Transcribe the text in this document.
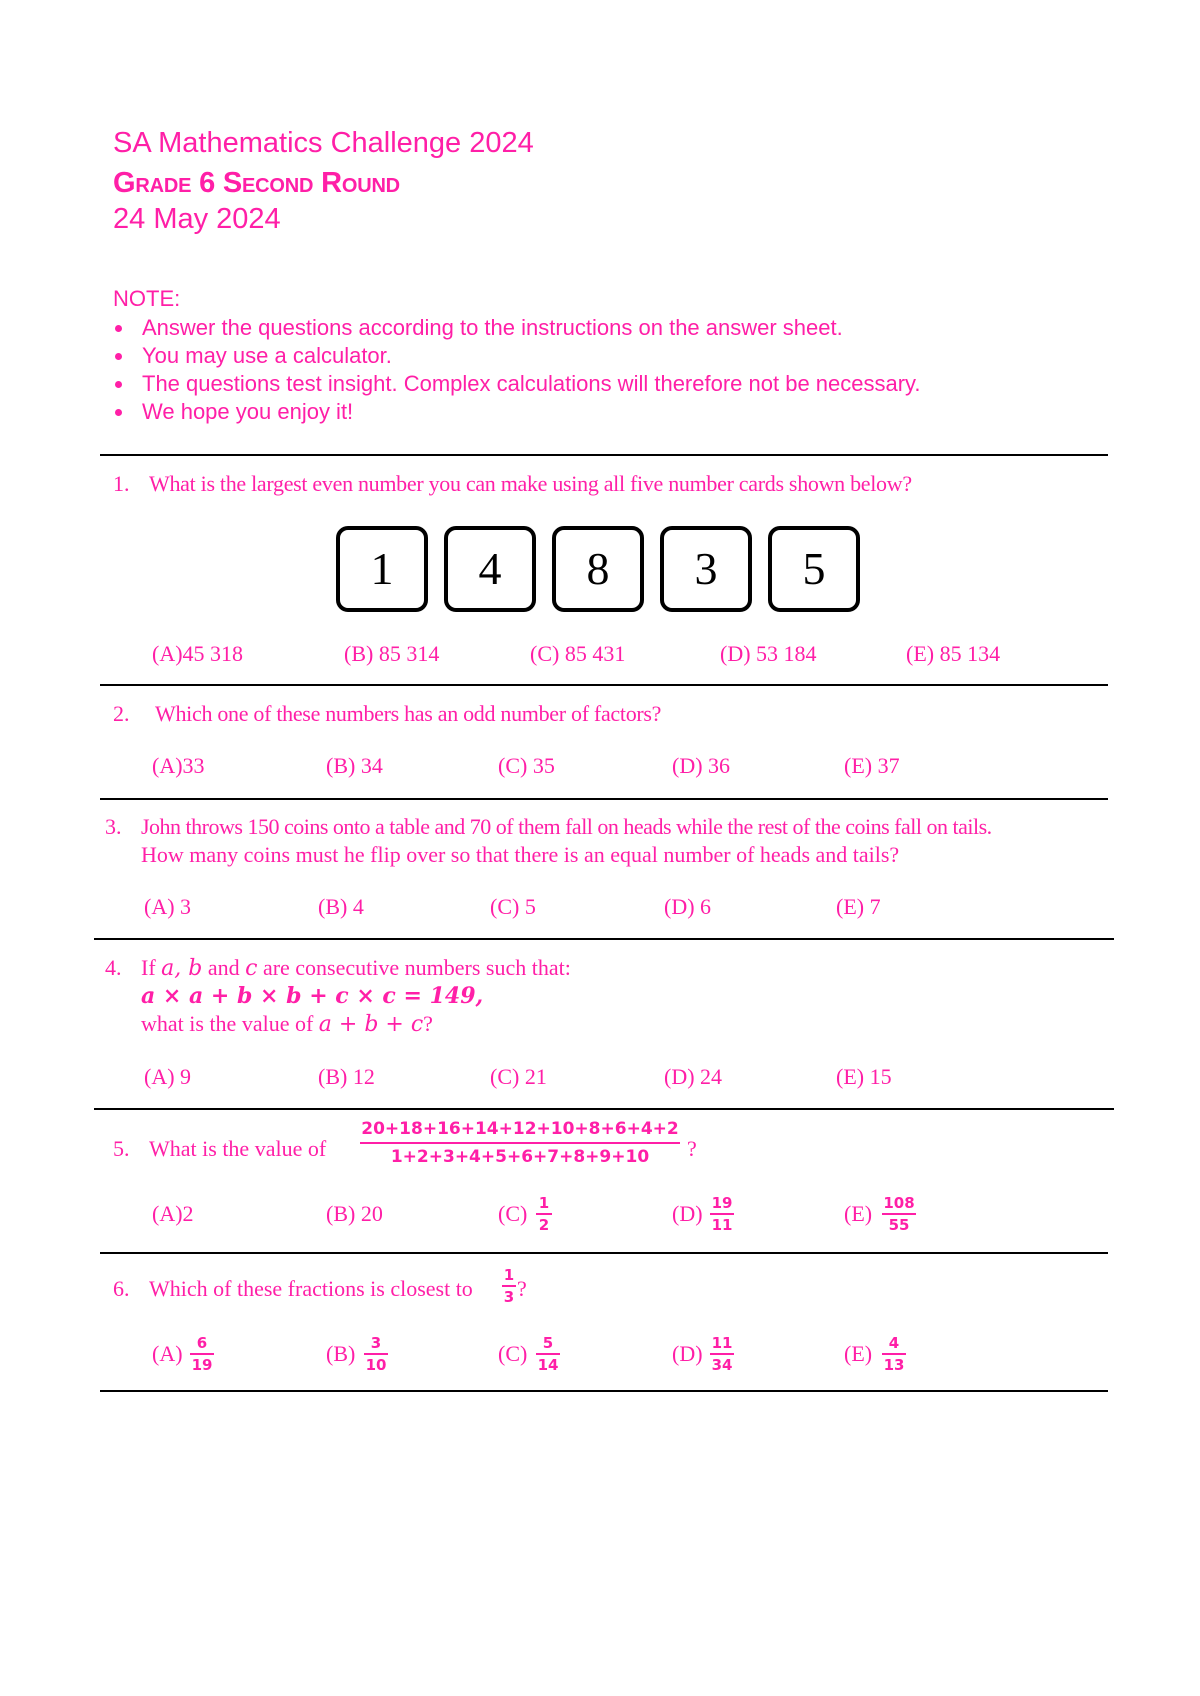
SA Mathematics Challenge 2024
Grade 6 Second Round
24 May 2024
NOTE:
Answer the questions according to the instructions on the answer sheet.
You may use a calculator.
The questions test insight. Complex calculations will therefore not be necessary.
We hope you enjoy it!
1. What is the largest even number you can make using all five number cards shown below?
1	4	8	3	5
(A)45 318	(B) 85 314	(C) 85 431	(D) 53 184	(E) 85 134
2. Which one of these numbers has an odd number of factors?
(A)33	(B) 34	(C) 35	(D) 36	(E) 37
3. John throws 150 coins onto a table and 70 of them fall on heads while the rest of the coins fall on tails.
How many coins must he flip over so that there is an equal number of heads and tails?
(A) 3	(B) 4	(C) 5	(D) 6	(E) 7
4. If a, b and c are consecutive numbers such that:
a × a + b × b + c × c = 149,
what is the value of a + b + c?
(A) 9	(B) 12	(C) 21	(D) 24	(E) 15
5. What is the value of
20+18+16+14+12+10+8+6+4+2
1+2+3+4+5+6+7+8+9+10	?
(A)2	(B) 20	(C) 1
2	(D) 19
11	(E) 108
55
6. Which of these fractions is closest to
1
3 ?
(A) 6
19	(B)	3
10	(C)	5
14	(D) 11
34	(E)	4
13
